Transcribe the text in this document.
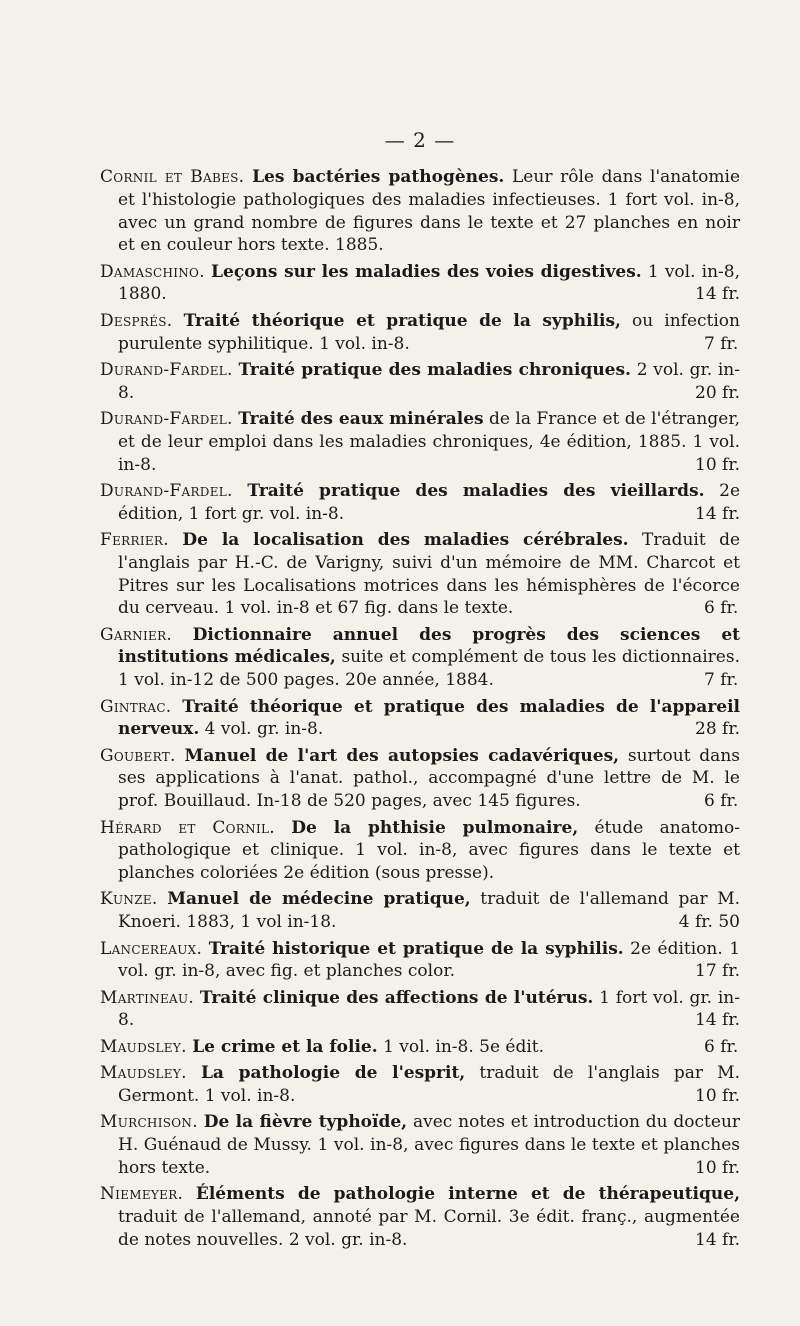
— 2 —

Cornil et Babes. Les bactéries pathogènes. Leur rôle dans l'anatomie et l'histologie pathologiques des maladies infectieuses. 1 fort vol. in-8, avec un grand nombre de figures dans le texte et 27 planches en noir et en couleur hors texte. 1885.

Damaschino. Leçons sur les maladies des voies digestives. 1 vol. in-8, 1880.	14 fr.

Després. Traité théorique et pratique de la syphilis, ou infection purulente syphilitique. 1 vol. in-8.	7 fr.

Durand-Fardel. Traité pratique des maladies chroniques. 2 vol. gr. in-8.	20 fr.

Durand-Fardel. Traité des eaux minérales de la France et de l'étranger, et de leur emploi dans les maladies chroniques, 4e édition, 1885. 1 vol. in-8.	10 fr.

Durand-Fardel. Traité pratique des maladies des vieillards. 2e édition, 1 fort gr. vol. in-8.	14 fr.

Ferrier. De la localisation des maladies cérébrales. Traduit de l'anglais par H.-C. de Varigny, suivi d'un mémoire de MM. Charcot et Pitres sur les Localisations motrices dans les hémisphères de l'écorce du cerveau. 1 vol. in-8 et 67 fig. dans le texte.	6 fr.

Garnier. Dictionnaire annuel des progrès des sciences et institutions médicales, suite et complément de tous les dictionnaires. 1 vol. in-12 de 500 pages. 20e année, 1884.	7 fr.

Gintrac. Traité théorique et pratique des maladies de l'appareil nerveux. 4 vol. gr. in-8.	28 fr.

Goubert. Manuel de l'art des autopsies cadavériques, surtout dans ses applications à l'anat. pathol., accompagné d'une lettre de M. le prof. Bouillaud. In-18 de 520 pages, avec 145 figures.	6 fr.

Hérard et Cornil. De la phthisie pulmonaire, étude anatomo-pathologique et clinique. 1 vol. in-8, avec figures dans le texte et planches coloriées 2e édition (sous presse).

Kunze. Manuel de médecine pratique, traduit de l'allemand par M. Knoeri. 1883, 1 vol in-18.	4 fr. 50

Lancereaux. Traité historique et pratique de la syphilis. 2e édition. 1 vol. gr. in-8, avec fig. et planches color.	17 fr.

Martineau. Traité clinique des affections de l'utérus. 1 fort vol. gr. in-8.	14 fr.

Maudsley. Le crime et la folie. 1 vol. in-8. 5e édit.	6 fr.

Maudsley. La pathologie de l'esprit, traduit de l'anglais par M. Germont. 1 vol. in-8.	10 fr.

Murchison. De la fièvre typhoïde, avec notes et introduction du docteur H. Guénaud de Mussy. 1 vol. in-8, avec figures dans le texte et planches hors texte.	10 fr.

Niemeyer. Éléments de pathologie interne et de thérapeutique, traduit de l'allemand, annoté par M. Cornil. 3e édit. franç., augmentée de notes nouvelles. 2 vol. gr. in-8.	14 fr.
